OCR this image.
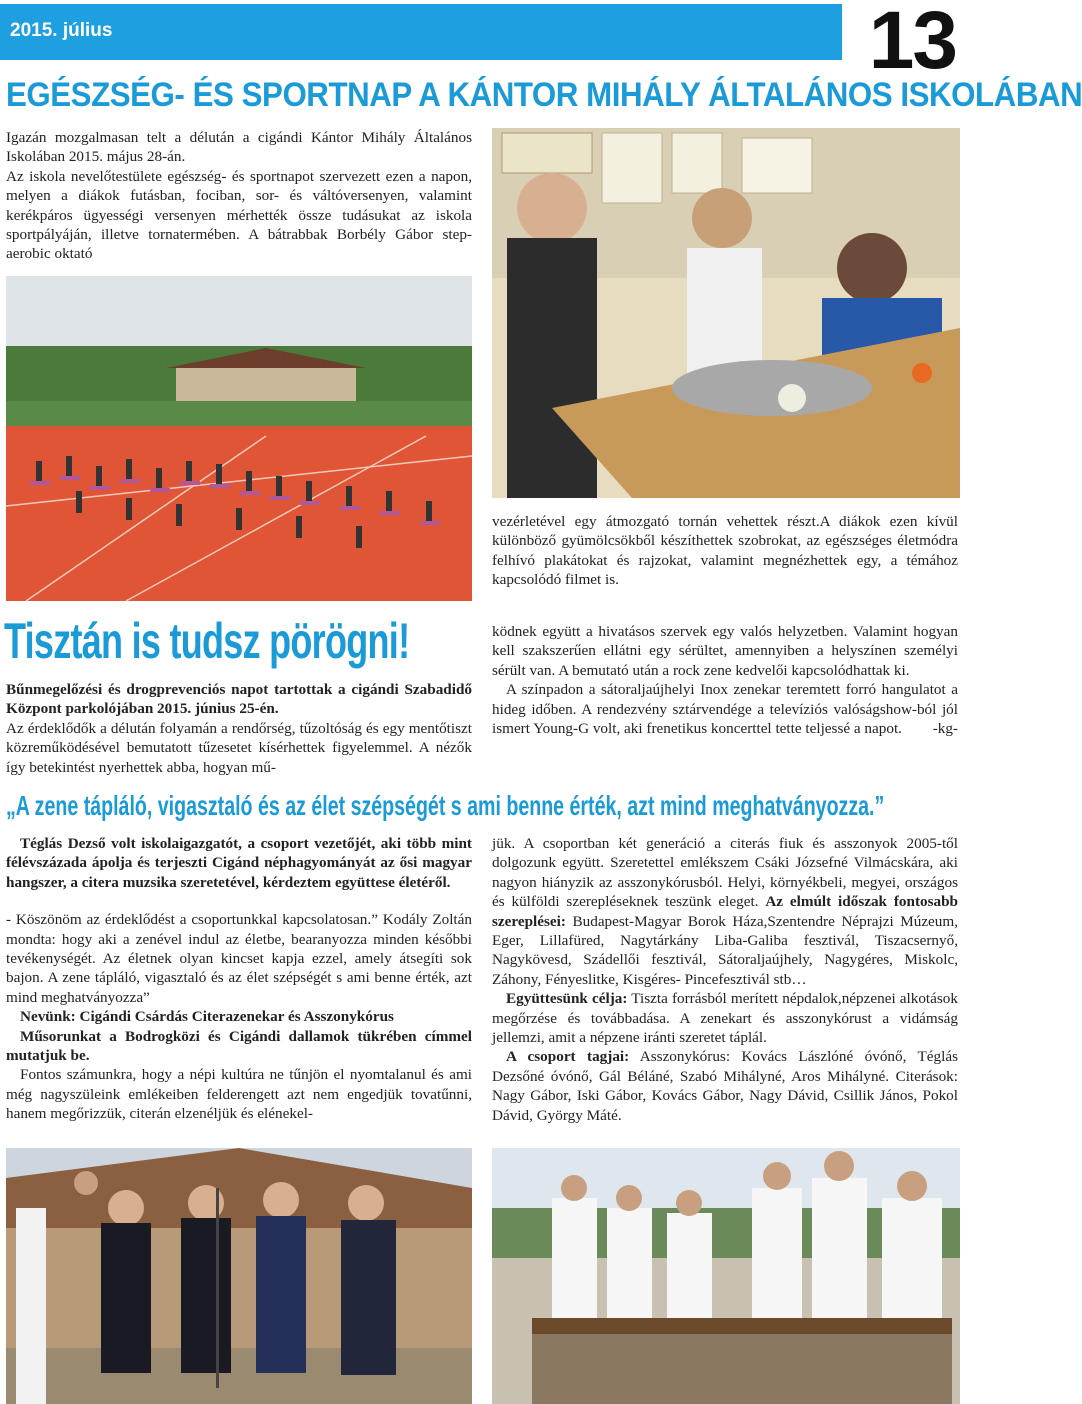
2015. július	13
EGÉSZSÉG- ÉS SPORTNAP A KÁNTOR MIHÁLY ÁLTALÁNOS ISKOLÁBAN

Igazán mozgalmasan telt a délután a cigándi Kántor Mihály Általános Iskolában 2015. május 28-án.

Az iskola nevelőtestülete egészség- és sportnapot szervezett ezen a napon, melyen a diákok futásban, fociban, sor- és váltóversenyen, valamint kerékpáros ügyességi versenyen mérhették össze tudásukat az iskola sportpályáján, illetve tornatermében. A bátrabbak Borbély Gábor step-aerobic oktató

vezérletével egy átmozgató tornán vehettek részt.A diákok ezen kívül különböző gyümölcsökből készíthettek szobrokat, az egészséges életmódra felhívó plakátokat és rajzokat, valamint megnézhettek egy, a témához kapcsolódó filmet is.

Tisztán is tudsz pörögni!

Bűnmegelőzési és drogprevenciós napot tartottak a cigándi Szabadidő Központ parkolójában 2015. június 25-én.

Az érdeklődők a délután folyamán a rendőrség, tűzoltóság és egy mentőtiszt közreműködésével bemutatott tűzesetet kísérhettek figyelemmel. A nézők így betekintést nyerhettek abba, hogyan mű-

ködnek együtt a hivatásos szervek egy valós helyzetben. Valamint hogyan kell szakszerűen ellátni egy sérültet, amennyiben a helyszínen személyi sérült van. A bemutató után a rock zene kedvelői kapcsolódhattak ki.

A színpadon a sátoraljaújhelyi Inox zenekar teremtett forró hangulatot a hideg időben. A rendezvény sztárvendége a televíziós valóságshow-ból jól ismert Young-G volt, aki frenetikus koncerttel tette teljessé a napot.	-kg-

„A zene tápláló, vigasztaló és az élet szépségét s ami benne érték, azt mind meghatványozza.”

Téglás Dezső volt iskolaigazgatót, a csoport vezetőjét, aki több mint félévszázada ápolja és terjeszti Cigánd néphagyományát az ősi magyar hangszer, a citera muzsika szeretetével, kérdeztem együttese életéről.

- Köszönöm az érdeklődést a csoportunkkal kapcsolatosan.” Kodály Zoltán mondta: hogy aki a zenével indul az életbe, bearanyozza minden későbbi tevékenységét. Az életnek olyan kincset kapja ezzel, amely átsegíti sok bajon. A zene tápláló, vigasztaló és az élet szépségét s ami benne érték, azt mind meghatványozza”

Nevünk: Cigándi Csárdás Citerazenekar és Asszonykórus

Műsorunkat a Bodrogközi és Cigándi dallamok tükrében címmel mutatjuk be.

Fontos számunkra, hogy a népi kultúra ne tűnjön el nyomtalanul és ami még nagyszüleink emlékeiben felderengett azt nem engedjük tovatűnni, hanem megőrizzük, citerán elzenéljük és elénekel-

jük. A csoportban két generáció a citerás fiuk és asszonyok 2005-től dolgozunk együtt. Szeretettel emlékszem Csáki Józsefné Vilmácskára, aki nagyon hiányzik az asszonykórusból. Helyi, környékbeli, megyei, országos és külföldi szerepléseknek teszünk eleget. Az elmúlt időszak fontosabb szereplései: Budapest-Magyar Borok Háza,Szentendre Néprajzi Múzeum, Eger, Lillafüred, Nagytárkány Liba-Galiba fesztivál, Tiszacsernyő, Nagykövesd, Szádellői fesztivál, Sátoraljaújhely, Nagygéres, Miskolc, Záhony, Fényeslitke, Kisgéres- Pincefesztivál stb…

Együttesünk célja: Tiszta forrásból merített népdalok,népzenei alkotások megőrzése és továbbadása. A zenekart és asszonykórust a vidámság jellemzi, amit a népzene iránti szeretet táplál.

A csoport tagjai: Asszonykórus: Kovács Lászlóné óvónő, Téglás Dezsőné óvónő, Gál Béláné, Szabó Mihályné, Aros Mihályné. Citerások: Nagy Gábor, Iski Gábor, Kovács Gábor, Nagy Dávid, Csillik János, Pokol Dávid, György Máté.
